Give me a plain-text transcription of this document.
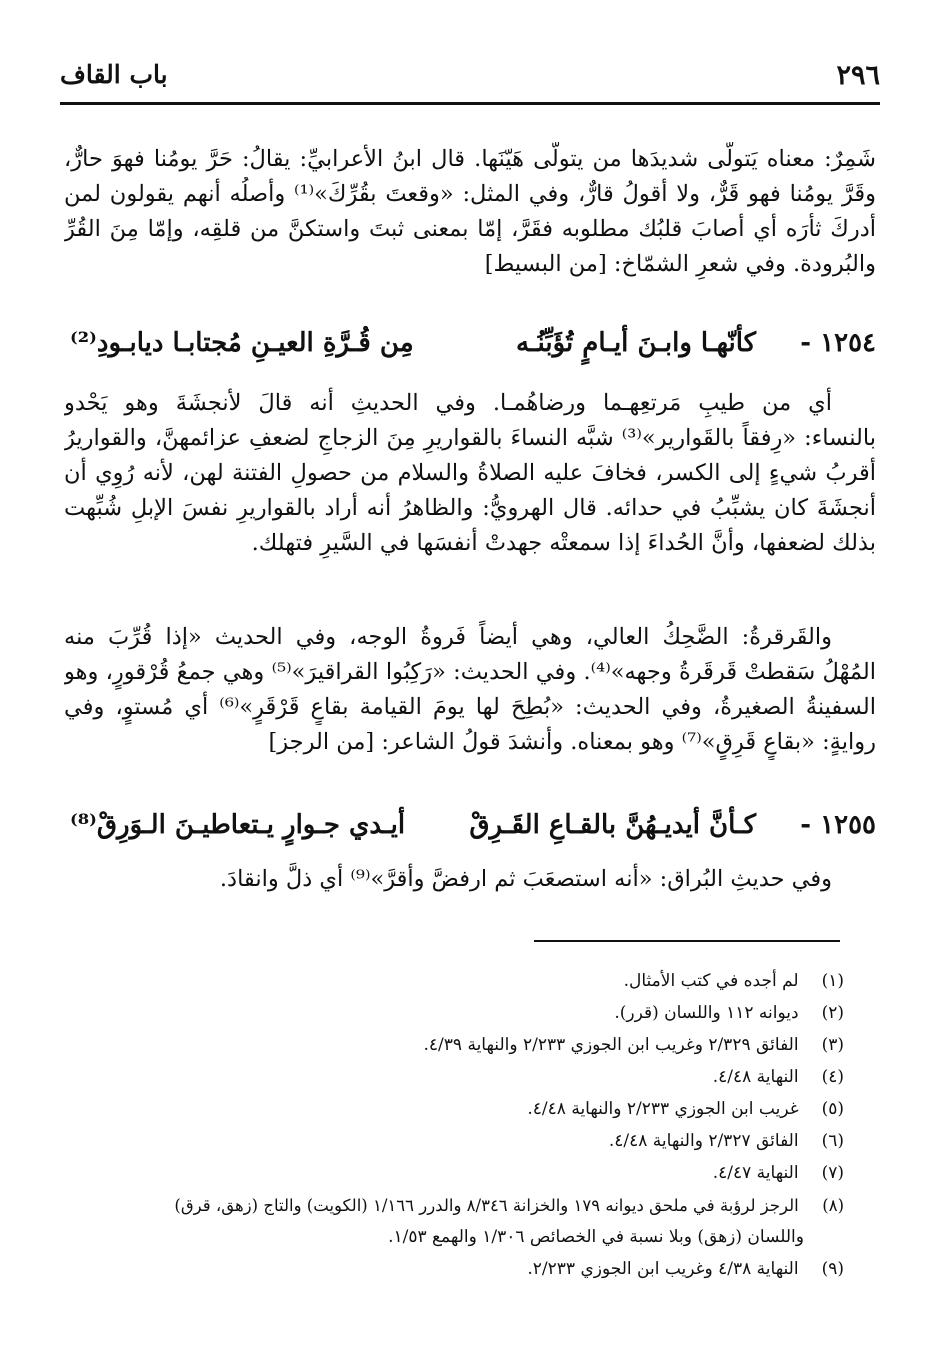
٢٩٦
باب القاف
شَمِرٌ: معناه يَتولّى شديدَها من يتولّى هَيّنَها. قال ابنُ الأعرابيِّ: يقالُ: حَرَّ يومُنا فهوَ حارٌّ،
وقَرَّ يومُنا فهو قَرٌّ، ولا أقولُ قارٌّ، وفي المثل: «وقعتَ بقُرِّكَ»⁽¹⁾ وأصلُه أنهم يقولون لمن
أدركَ ثأرَه أي أصابَ قلبُك مطلوبه فقَرَّ، إمّا بمعنى ثبتَ واستكنَّ من قلقِه، وإمّا مِنَ القُرِّ
والبُرودة. وفي شعرِ الشمّاخ: [من البسيط]
١٢٥٤ -
كأنّهـا وابـنَ أيـامٍ تُؤَبِّنُـه
مِن قُـرَّةِ العيـنِ مُجتابـا ديابـودِ⁽²⁾
أي من طيبِ مَرتعِهـما ورضاهُمـا. وفي الحديثِ أنه قالَ لأنجشَةَ وهو يَحْدو
بالنساء: «رِفقاً بالقَوارير»⁽³⁾ شبَّه النساءَ بالقواريرِ مِنَ الزجاجِ لضعفِ عزائمهنَّ، والقواريرُ
أقربُ شيءٍ إلى الكسر، فخافَ عليه الصلاةُ والسلام من حصولِ الفتنة لهن، لأنه رُوِي أن
أنجشَةَ كان يشبِّبُ في حدائه. قال الهرويُّ: والظاهرُ أنه أراد بالقواريرِ نفسَ الإبلِ شُبِّهت
بذلك لضعفها، وأنَّ الحُداءَ إذا سمعتْه جهدتْ أنفسَها في السَّيرِ فتهلك.
والقَرقرةُ: الضَّحِكُ العالي، وهي أيضاً فَروةُ الوجه، وفي الحديث «إذا قُرِّبَ منه
المُهْلُ سَقطتْ قَرقَرةُ وجهه»⁽⁴⁾. وفي الحديث: «رَكِبُوا القراقيرَ»⁽⁵⁾ وهي جمعُ قُرْقورٍ، وهو
السفينةُ الصغيرةُ، وفي الحديث: «بُطِحَ لها يومَ القيامة بقاعٍ قَرْقَرٍ»⁽⁶⁾ أي مُستوٍ، وفي
روايةٍ: «بقاعٍ قَرِقٍ»⁽⁷⁾ وهو بمعناه. وأنشدَ قولُ الشاعر: [من الرجز]
١٢٥٥ -
كـأنَّ أيديـهُنَّ بالقـاعِ القَـرِقْ
أيـدي جـوارٍ يـتعاطيـنَ الـوَرِقْ⁽⁸⁾
وفي حديثِ البُراق: «أنه استصعَبَ ثم ارفضَّ وأقرَّ»⁽⁹⁾ أي ذلَّ وانقادَ.
(١) لم أجده في كتب الأمثال.
(٢) ديوانه ١١٢ واللسان (قرر).
(٣) الفائق ٢/٣٢٩ وغريب ابن الجوزي ٢/٢٣٣ والنهاية ٤/٣٩.
(٤) النهاية ٤/٤٨.
(٥) غريب ابن الجوزي ٢/٢٣٣ والنهاية ٤/٤٨.
(٦) الفائق ٢/٣٢٧ والنهاية ٤/٤٨.
(٧) النهاية ٤/٤٧.
(٨) الرجز لرؤبة في ملحق ديوانه ١٧٩ والخزانة ٨/٣٤٦ والدرر ١/١٦٦ (الكويت) والتاج (زهق، قرق)
واللسان (زهق) وبلا نسبة في الخصائص ١/٣٠٦ والهمع ١/٥٣.
(٩) النهاية ٤/٣٨ وغريب ابن الجوزي ٢/٢٣٣.
